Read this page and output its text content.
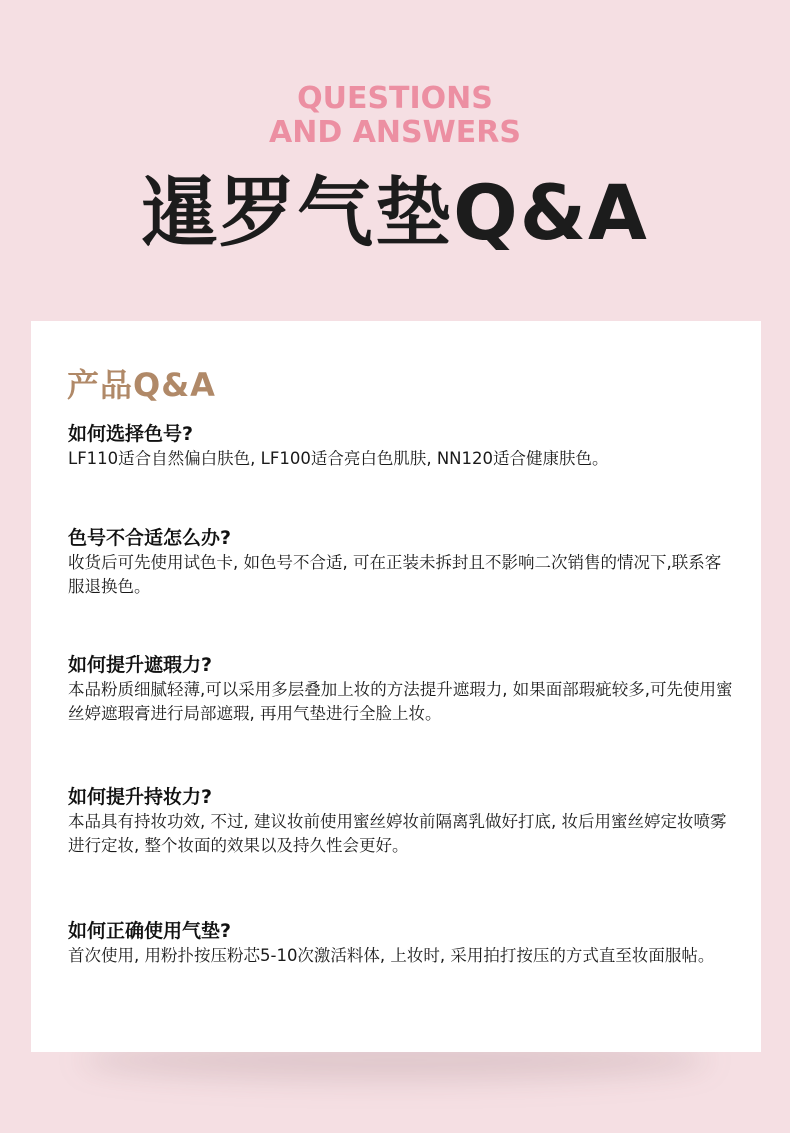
QUESTIONS
AND ANSWERS
暹罗气垫Q&A
产品Q&A
如何选择色号?
LF110适合自然偏白肤色, LF100适合亮白色肌肤, NN120适合健康肤色。
色号不合适怎么办?
收货后可先使用试色卡, 如色号不合适, 可在正装未拆封且不影响二次销售的情况下,联系客服退换色。
如何提升遮瑕力?
本品粉质细腻轻薄,可以采用多层叠加上妆的方法提升遮瑕力, 如果面部瑕疵较多,可先使用蜜丝婷遮瑕膏进行局部遮瑕, 再用气垫进行全脸上妆。
如何提升持妆力?
本品具有持妆功效, 不过, 建议妆前使用蜜丝婷妆前隔离乳做好打底, 妆后用蜜丝婷定妆喷雾进行定妆, 整个妆面的效果以及持久性会更好。
如何正确使用气垫?
首次使用, 用粉扑按压粉芯5-10次激活料体, 上妆时, 采用拍打按压的方式直至妆面服帖。
